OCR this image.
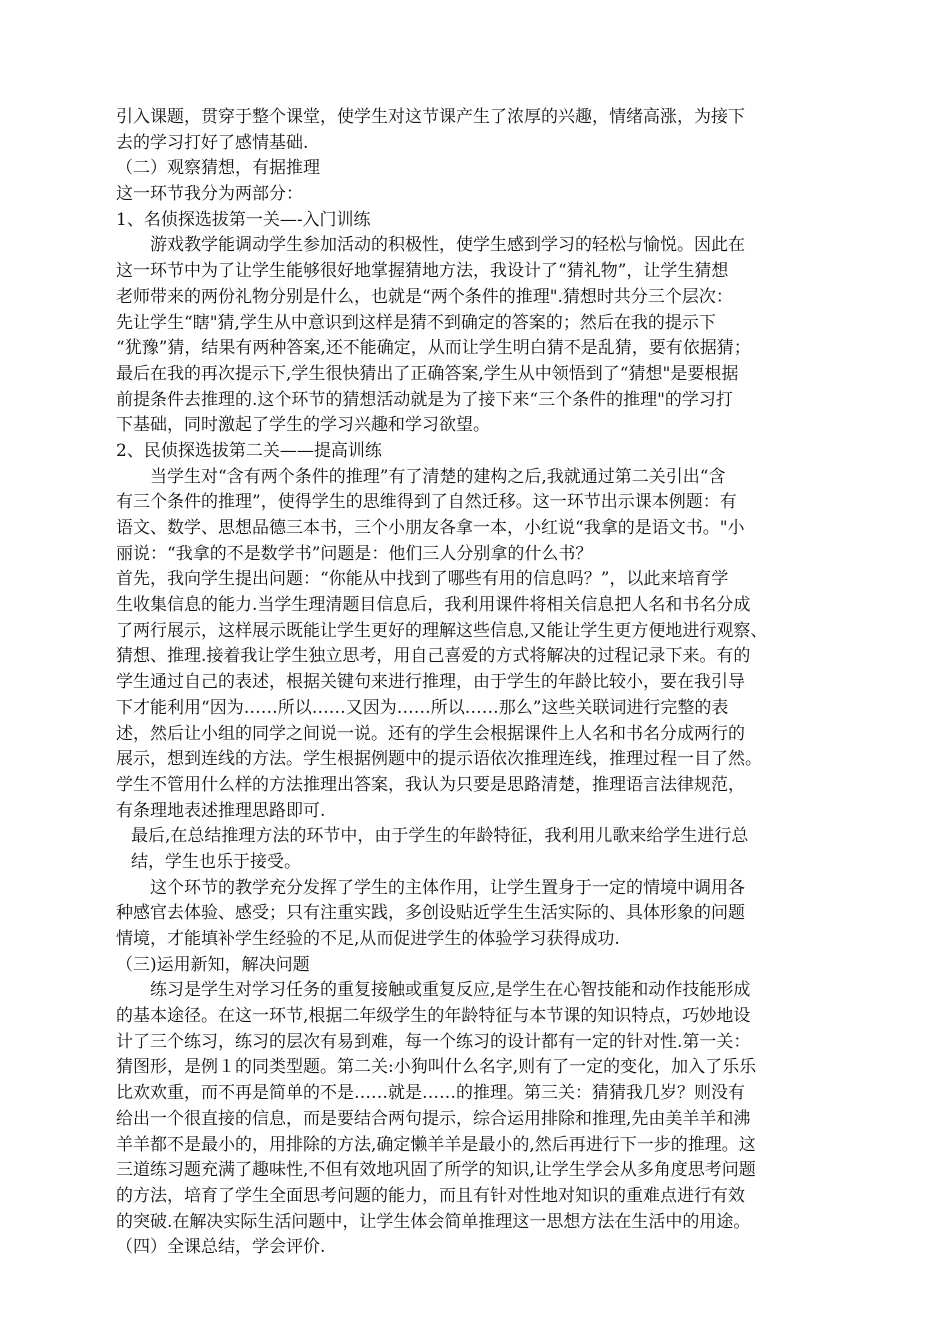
引入课题，贯穿于整个课堂，使学生对这节课产生了浓厚的兴趣，情绪高涨，为接下
去的学习打好了感情基础.
（二）观察猜想，有据推理
这一环节我分为两部分：
1、名侦探选拔第一关—-入门训练
游戏教学能调动学生参加活动的积极性，使学生感到学习的轻松与愉悦。因此在
这一环节中为了让学生能够很好地掌握猜地方法，我设计了“猜礼物”，让学生猜想
老师带来的两份礼物分别是什么，也就是“两个条件的推理".猜想时共分三个层次：
先让学生“瞎"猜,学生从中意识到这样是猜不到确定的答案的；然后在我的提示下
“犹豫”猜，结果有两种答案,还不能确定，从而让学生明白猜不是乱猜，要有依据猜；
最后在我的再次提示下,学生很快猜出了正确答案,学生从中领悟到了“猜想"是要根据
前提条件去推理的.这个环节的猜想活动就是为了接下来“三个条件的推理"的学习打
下基础，同时激起了学生的学习兴趣和学习欲望。
2、民侦探选拔第二关——提高训练
当学生对“含有两个条件的推理”有了清楚的建构之后,我就通过第二关引出“含
有三个条件的推理”，使得学生的思维得到了自然迁移。这一环节出示课本例题：有
语文、数学、思想品德三本书，三个小朋友各拿一本，小红说“我拿的是语文书。"小
丽说：“我拿的不是数学书”问题是：他们三人分别拿的什么书？
首先，我向学生提出问题：“你能从中找到了哪些有用的信息吗？”，以此来培育学
生收集信息的能力.当学生理清题目信息后，我利用课件将相关信息把人名和书名分成
了两行展示，这样展示既能让学生更好的理解这些信息,又能让学生更方便地进行观察、
猜想、推理.接着我让学生独立思考，用自己喜爱的方式将解决的过程记录下来。有的
学生通过自己的表述，根据关键句来进行推理，由于学生的年龄比较小，要在我引导
下才能利用“因为……所以……又因为……所以……那么”这些关联词进行完整的表
述，然后让小组的同学之间说一说。还有的学生会根据课件上人名和书名分成两行的
展示，想到连线的方法。学生根据例题中的提示语依次推理连线，推理过程一目了然。
学生不管用什么样的方法推理出答案，我认为只要是思路清楚，推理语言法律规范，
有条理地表述推理思路即可.
最后,在总结推理方法的环节中，由于学生的年龄特征，我利用儿歌来给学生进行总
结，学生也乐于接受。
这个环节的教学充分发挥了学生的主体作用，让学生置身于一定的情境中调用各
种感官去体验、感受；只有注重实践，多创设贴近学生生活实际的、具体形象的问题
情境，才能填补学生经验的不足,从而促进学生的体验学习获得成功.
（三)运用新知，解决问题
练习是学生对学习任务的重复接触或重复反应,是学生在心智技能和动作技能形成
的基本途径。在这一环节,根据二年级学生的年龄特征与本节课的知识特点，巧妙地设
计了三个练习，练习的层次有易到难，每一个练习的设计都有一定的针对性.第一关：
猜图形，是例１的同类型题。第二关:小狗叫什么名字,则有了一定的变化，加入了乐乐
比欢欢重，而不再是简单的不是……就是……的推理。第三关：猜猜我几岁？则没有
给出一个很直接的信息，而是要结合两句提示，综合运用排除和推理,先由美羊羊和沸
羊羊都不是最小的，用排除的方法,确定懒羊羊是最小的,然后再进行下一步的推理。这
三道练习题充满了趣味性,不但有效地巩固了所学的知识,让学生学会从多角度思考问题
的方法，培育了学生全面思考问题的能力，而且有针对性地对知识的重难点进行有效
的突破.在解决实际生活问题中，让学生体会简单推理这一思想方法在生活中的用途。
（四）全课总结，学会评价.
